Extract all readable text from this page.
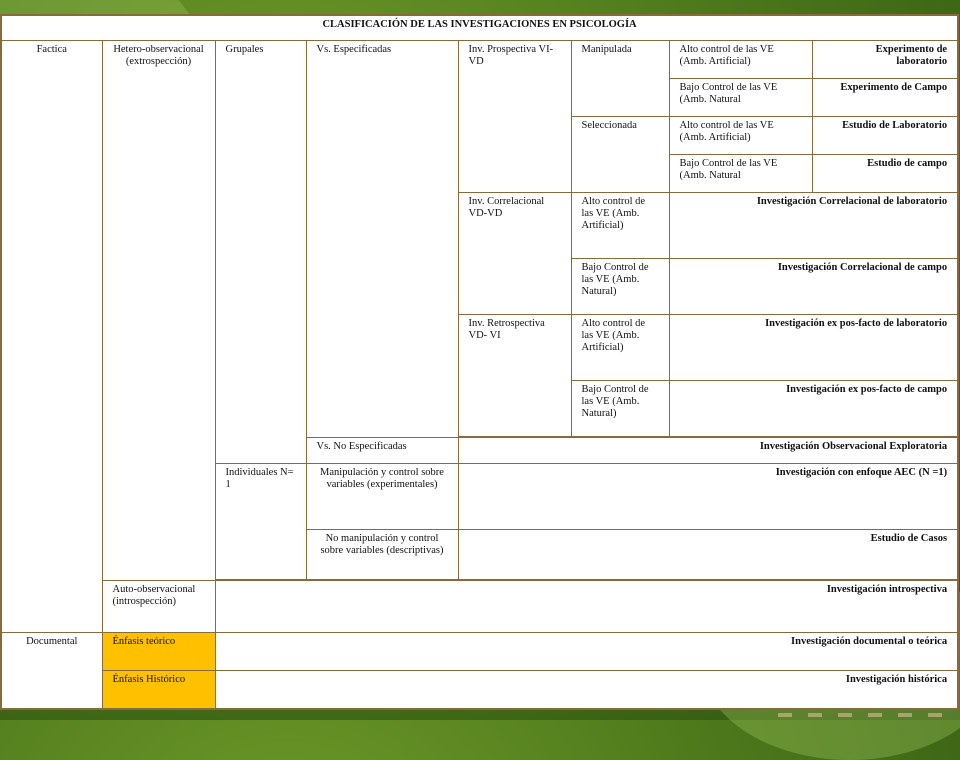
CLASIFICACIÓN DE LAS INVESTIGACIONES EN PSICOLOGÍA							
Factica	Hetero-observacional (extrospección)	Grupales	Vs. Especificadas	Inv. Prospectiva VI-VD	Manipulada	Alto control de las VE (Amb. Artificial)	Experimento de laboratorio
						Bajo Control de las VE (Amb. Natural	Experimento de Campo
					Seleccionada	Alto control de las VE (Amb. Artificial)	Estudio de Laboratorio
						Bajo Control de las VE (Amb. Natural	Estudio de campo
				Inv. Correlacional VD-VD	Alto control de las VE (Amb. Artificial)	Investigación Correlacional de laboratorio	
					Bajo Control de las VE (Amb. Natural)	Investigación Correlacional de campo	
				Inv. Retrospectiva VD- VI	Alto control de las VE (Amb. Artificial)	Investigación ex pos-facto de laboratorio	
					Bajo Control de las VE (Amb. Natural)	Investigación ex pos-facto de campo	

			Vs. No Especificadas	Investigación Observacional Exploratoria			
		Individuales N= 1	Manipulación y control sobre variables (experimentales)	Investigación con enfoque AEC (N =1)			
			No manipulación y control sobre variables (descriptivas)	Estudio de Casos			

	Auto-observacional (introspección)	Investigación introspectiva					
Documental	Énfasis teórico	Investigación documental o teórica					
	Énfasis Histórico	Investigación histórica					
